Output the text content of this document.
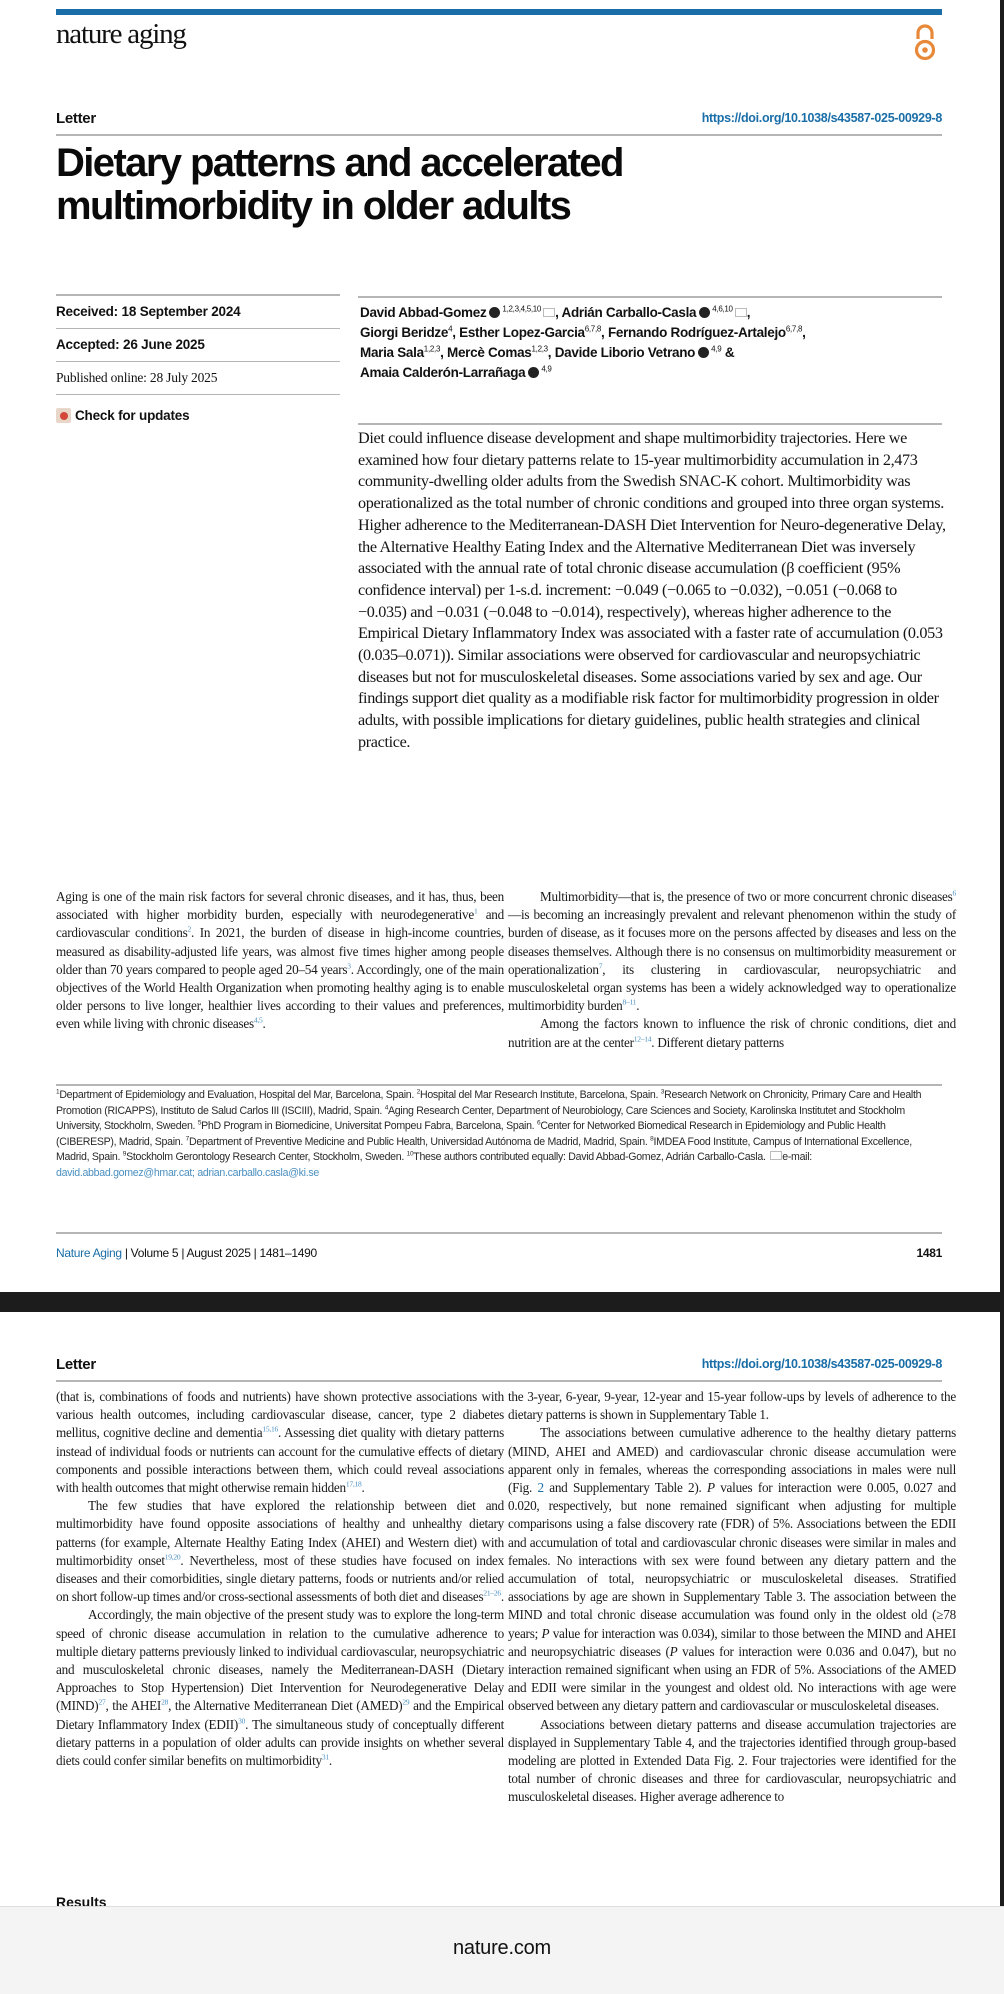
nature aging
Letter	https://doi.org/10.1038/s43587-025-00929-8
Dietary patterns and accelerated
multimorbidity in older adults
Received: 18 September 2024
Accepted: 26 June 2025
Published online: 28 July 2025
Check for updates
David Abbad-Gomez $^{1,2,3,4,5,10}$ , Adrián Carballo-Casla $^{4,6,10}$ ,
Giorgi Beridze$^4$, Esther Lopez-Garcia$^{6,7,8}$, Fernando Rodríguez-Artalejo$^{6,7,8}$,
Maria Sala$^{1,2,3}$, Mercè Comas$^{1,2,3}$, Davide Liborio Vetrano $^{4,9}$ &
Amaia Calderón-Larrañaga $^{4,9}$
Diet could influence disease development and shape multimorbidity trajectories. Here we examined how four dietary patterns relate to 15-year multimorbidity accumulation in 2,473 community-dwelling older adults from the Swedish SNAC-K cohort. Multimorbidity was operationalized as the total number of chronic conditions and grouped into three organ systems. Higher adherence to the Mediterranean-DASH Diet Intervention for Neuro-degenerative Delay, the Alternative Healthy Eating Index and the Alternative Mediterranean Diet was inversely associated with the annual rate of total chronic disease accumulation (β coefficient (95% confidence interval) per 1-s.d. increment: −0.049 (−0.065 to −0.032), −0.051 (−0.068 to −0.035) and −0.031 (−0.048 to −0.014), respectively), whereas higher adherence to the Empirical Dietary Inflammatory Index was associated with a faster rate of accumulation (0.053 (0.035–0.071)). Similar associations were observed for cardiovascular and neuropsychiatric diseases but not for musculoskeletal diseases. Some associations varied by sex and age. Our findings support diet quality as a modifiable risk factor for multimorbidity progression in older adults, with possible implications for dietary guidelines, public health strategies and clinical practice.

Aging is one of the main risk factors for several chronic diseases, and it has, thus, been associated with higher morbidity burden, especially with neurodegenerative$^1$ and cardiovascular conditions$^2$. In 2021, the burden of disease in high-income countries, measured as disability-adjusted life years, was almost five times higher among people older than 70 years compared to people aged 20–54 years$^3$. Accordingly, one of the main objectives of the World Health Organization when promoting healthy aging is to enable older persons to live longer, healthier lives according to their values and preferences, even while living with chronic diseases$^{4,5}$.

Multimorbidity—that is, the presence of two or more concurrent chronic diseases$^6$—is becoming an increasingly prevalent and relevant phenomenon within the study of burden of disease, as it focuses more on the persons affected by diseases and less on the diseases themselves. Although there is no consensus on multimorbidity measurement or operationalization$^7$, its clustering in cardiovascular, neuropsychiatric and musculoskeletal organ systems has been a widely acknowledged way to operationalize multimorbidity burden$^{8-11}$.

Among the factors known to influence the risk of chronic conditions, diet and nutrition are at the center$^{12-14}$. Different dietary patterns

$^1$Department of Epidemiology and Evaluation, Hospital del Mar, Barcelona, Spain. $^2$Hospital del Mar Research Institute, Barcelona, Spain. $^3$Research Network on Chronicity, Primary Care and Health Promotion (RICAPPS), Instituto de Salud Carlos III (ISCIII), Madrid, Spain. $^4$Aging Research Center, Department of Neurobiology, Care Sciences and Society, Karolinska Institutet and Stockholm University, Stockholm, Sweden. $^5$PhD Program in Biomedicine, Universitat Pompeu Fabra, Barcelona, Spain. $^6$Center for Networked Biomedical Research in Epidemiology and Public Health (CIBERESP), Madrid, Spain. $^7$Department of Preventive Medicine and Public Health, Universidad Autónoma de Madrid, Madrid, Spain. $^8$IMDEA Food Institute, Campus of International Excellence, Madrid, Spain. $^9$Stockholm Gerontology Research Center, Stockholm, Sweden. $^{10}$These authors contributed equally: David Abbad-Gomez, Adrián Carballo-Casla. e-mail: david.abbad.gomez@hmar.cat; adrian.carballo.casla@ki.se
Nature Aging | Volume 5 | August 2025 | 1481–1490	1481
Letter	https://doi.org/10.1038/s43587-025-00929-8

(that is, combinations of foods and nutrients) have shown protective associations with various health outcomes, including cardiovascular disease, cancer, type 2 diabetes mellitus, cognitive decline and dementia$^{15,16}$. Assessing diet quality with dietary patterns instead of individual foods or nutrients can account for the cumulative effects of dietary components and possible interactions between them, which could reveal associations with health outcomes that might otherwise remain hidden$^{17,18}$.

The few studies that have explored the relationship between diet and multimorbidity have found opposite associations of healthy and unhealthy dietary patterns (for example, Alternate Healthy Eating Index (AHEI) and Western diet) with multimorbidity onset$^{19,20}$. Nevertheless, most of these studies have focused on index diseases and their comorbidities, single dietary patterns, foods or nutrients and/or relied on short follow-up times and/or cross-sectional assessments of both diet and diseases$^{21-26}$.

Accordingly, the main objective of the present study was to explore the long-term speed of chronic disease accumulation in relation to the cumulative adherence to multiple dietary patterns previously linked to individual cardiovascular, neuropsychiatric and musculoskeletal chronic diseases, namely the Mediterranean-DASH (Dietary Approaches to Stop Hypertension) Diet Intervention for Neurodegenerative Delay (MIND)$^{27}$, the AHEI$^{28}$, the Alternative Mediterranean Diet (AMED)$^{29}$ and the Empirical Dietary Inflammatory Index (EDII)$^{30}$. The simultaneous study of conceptually different dietary patterns in a population of older adults can provide insights on whether several diets could confer similar benefits on multimorbidity$^{31}$.

Results

the 3-year, 6-year, 9-year, 12-year and 15-year follow-ups by levels of adherence to the dietary patterns is shown in Supplementary Table 1.

The associations between cumulative adherence to the healthy dietary patterns (MIND, AHEI and AMED) and cardiovascular chronic disease accumulation were apparent only in females, whereas the corresponding associations in males were null (Fig. 2 and Supplementary Table 2). P values for interaction were 0.005, 0.027 and 0.020, respectively, but none remained significant when adjusting for multiple comparisons using a false discovery rate (FDR) of 5%. Associations between the EDII and accumulation of total and cardiovascular chronic diseases were similar in males and females. No interactions with sex were found between any dietary pattern and the accumulation of total, neuropsychiatric or musculoskeletal diseases. Stratified associations by age are shown in Supplementary Table 3. The association between the MIND and total chronic disease accumulation was found only in the oldest old (≥78 years; P value for interaction was 0.034), similar to those between the MIND and AHEI and neuropsychiatric diseases (P values for interaction were 0.036 and 0.047), but no interaction remained significant when using an FDR of 5%. Associations of the AMED and EDII were similar in the youngest and oldest old. No interactions with age were observed between any dietary pattern and cardiovascular or musculoskeletal diseases.

Associations between dietary patterns and disease accumulation trajectories are displayed in Supplementary Table 4, and the trajectories identified through group-based modeling are plotted in Extended Data Fig. 2. Four trajectories were identified for the total number of chronic diseases and three for cardiovascular, neuropsychiatric and musculoskeletal diseases. Higher average adherence to

nature.com
